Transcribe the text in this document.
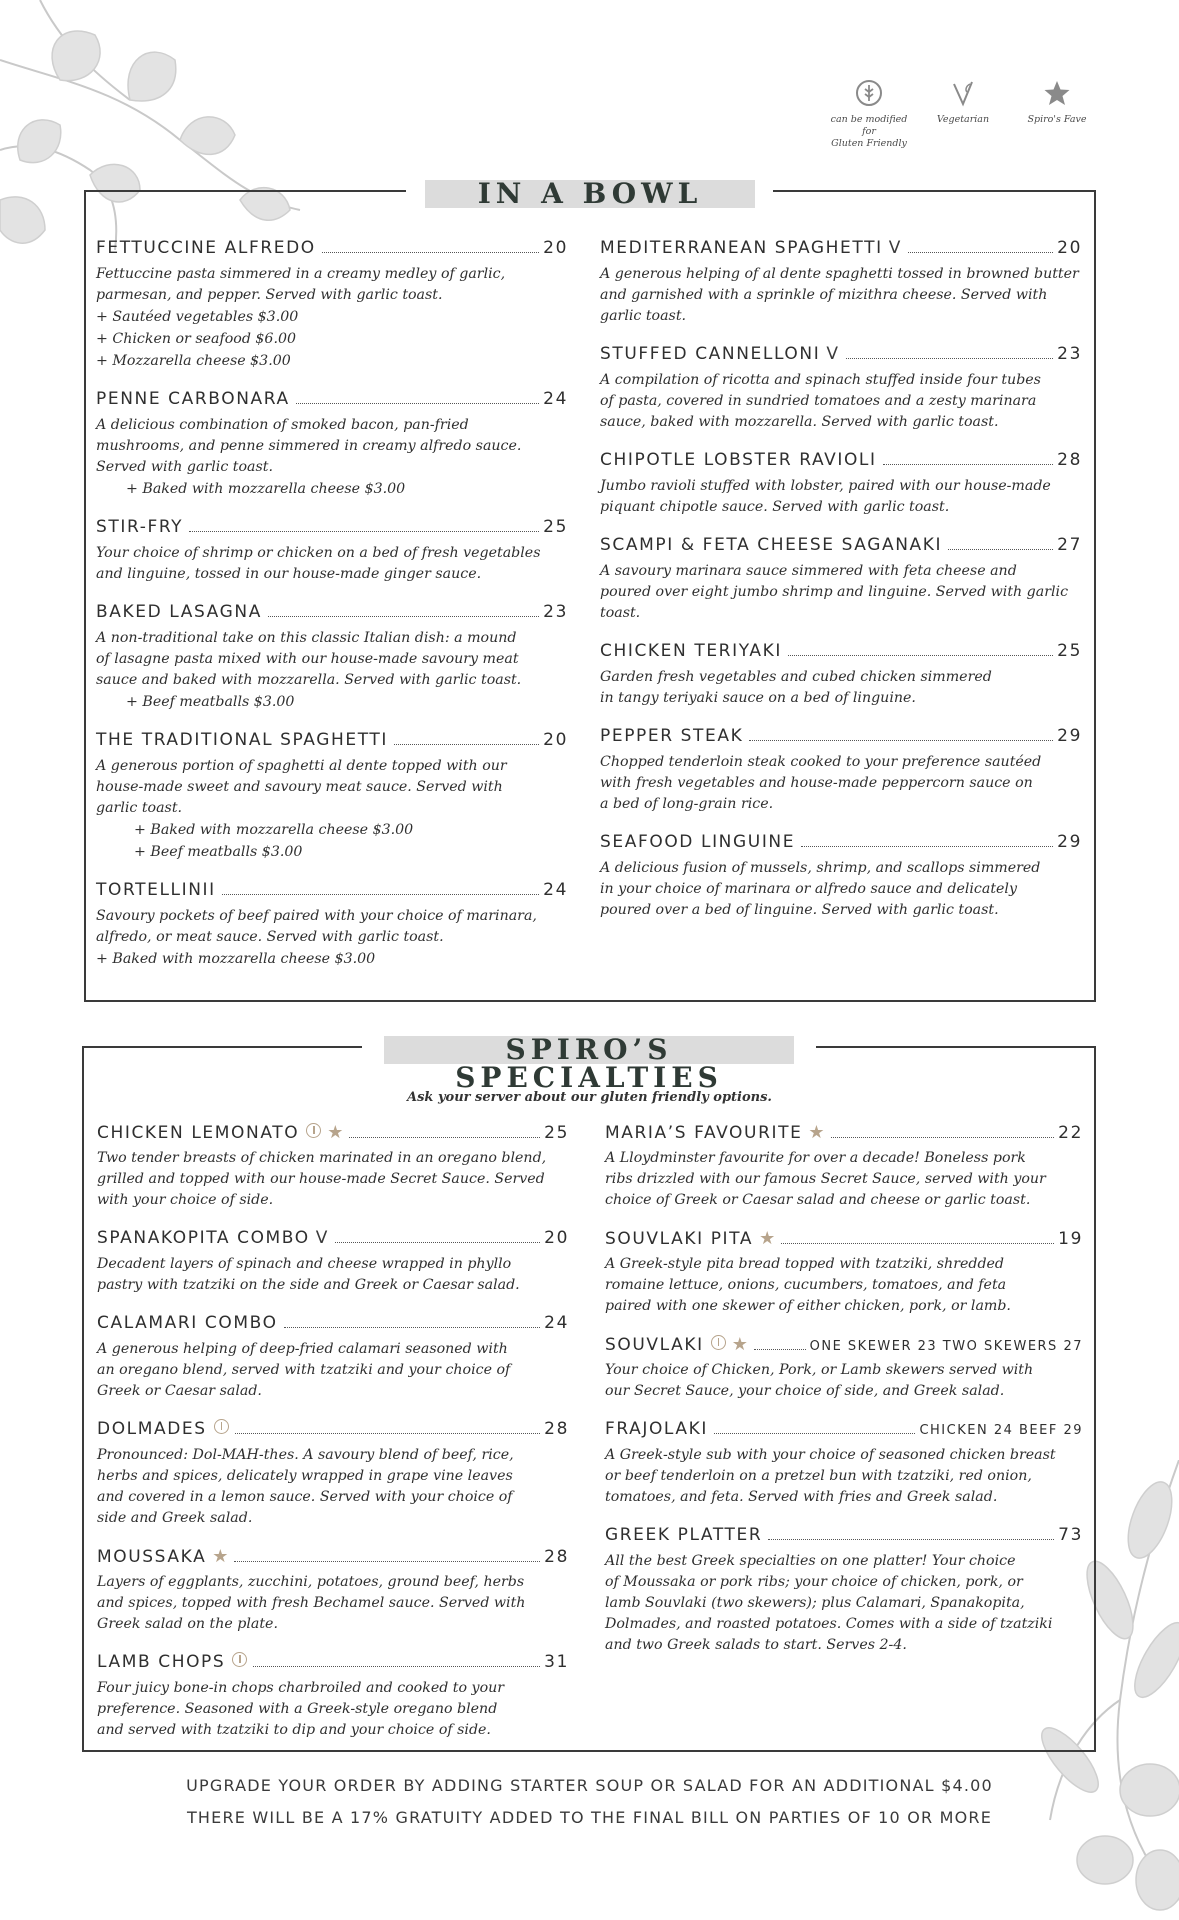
can be modified for
Gluten Friendly
Vegetarian	Spiro's Fave
IN A BOWL
FETTUCCINE ALFREDO	20
Fettuccine pasta simmered in a creamy medley of garlic,
parmesan, and pepper. Served with garlic toast.
+ Sautéed vegetables $3.00
+ Chicken or seafood $6.00
+ Mozzarella cheese $3.00
PENNE CARBONARA	24
A delicious combination of smoked bacon, pan-fried
mushrooms, and penne simmered in creamy alfredo sauce.
Served with garlic toast.
+ Baked with mozzarella cheese $3.00
STIR-FRY	25
Your choice of shrimp or chicken on a bed of fresh vegetables
and linguine, tossed in our house-made ginger sauce.
BAKED LASAGNA	23
A non-traditional take on this classic Italian dish: a mound
of lasagne pasta mixed with our house-made savoury meat
sauce and baked with mozzarella. Served with garlic toast.
+ Beef meatballs $3.00
THE TRADITIONAL SPAGHETTI	20
A generous portion of spaghetti al dente topped with our
house-made sweet and savoury meat sauce. Served with
garlic toast.
+ Baked with mozzarella cheese $3.00
+ Beef meatballs $3.00
TORTELLINII	24
Savoury pockets of beef paired with your choice of marinara,
alfredo, or meat sauce. Served with garlic toast.
+ Baked with mozzarella cheese $3.00
MEDITERRANEAN SPAGHETTI V	20
A generous helping of al dente spaghetti tossed in browned butter
and garnished with a sprinkle of mizithra cheese. Served with
garlic toast.
STUFFED CANNELLONI V	23
A compilation of ricotta and spinach stuffed inside four tubes
of pasta, covered in sundried tomatoes and a zesty marinara
sauce, baked with mozzarella. Served with garlic toast.
CHIPOTLE LOBSTER RAVIOLI	28
Jumbo ravioli stuffed with lobster, paired with our house-made
piquant chipotle sauce. Served with garlic toast.
SCAMPI & FETA CHEESE SAGANAKI	27
A savoury marinara sauce simmered with feta cheese and
poured over eight jumbo shrimp and linguine. Served with garlic
toast.
CHICKEN TERIYAKI	25
Garden fresh vegetables and cubed chicken simmered
in tangy teriyaki sauce on a bed of linguine.
PEPPER STEAK	29
Chopped tenderloin steak cooked to your preference sautéed
with fresh vegetables and house-made peppercorn sauce on
a bed of long-grain rice.
SEAFOOD LINGUINE	29
A delicious fusion of mussels, shrimp, and scallops simmered
in your choice of marinara or alfredo sauce and delicately
poured over a bed of linguine. Served with garlic toast.
SPIRO’S SPECIALTIES
Ask your server about our gluten friendly options.
CHICKEN LEMONATO ★	25
Two tender breasts of chicken marinated in an oregano blend,
grilled and topped with our house-made Secret Sauce. Served
with your choice of side.
SPANAKOPITA COMBO V	20
Decadent layers of spinach and cheese wrapped in phyllo
pastry with tzatziki on the side and Greek or Caesar salad.
CALAMARI COMBO	24
A generous helping of deep-fried calamari seasoned with
an oregano blend, served with tzatziki and your choice of
Greek or Caesar salad.
DOLMADES	28
Pronounced: Dol-MAH-thes. A savoury blend of beef, rice,
herbs and spices, delicately wrapped in grape vine leaves
and covered in a lemon sauce. Served with your choice of
side and Greek salad.
MOUSSAKA ★	28
Layers of eggplants, zucchini, potatoes, ground beef, herbs
and spices, topped with fresh Bechamel sauce. Served with
Greek salad on the plate.
LAMB CHOPS	31
Four juicy bone-in chops charbroiled and cooked to your
preference. Seasoned with a Greek-style oregano blend
and served with tzatziki to dip and your choice of side.
MARIA’S FAVOURITE ★	22
A Lloydminster favourite for over a decade! Boneless pork
ribs drizzled with our famous Secret Sauce, served with your
choice of Greek or Caesar salad and cheese or garlic toast.
SOUVLAKI PITA ★	19
A Greek-style pita bread topped with tzatziki, shredded
romaine lettuce, onions, cucumbers, tomatoes, and feta
paired with one skewer of either chicken, pork, or lamb.
SOUVLAKI ★	ONE SKEWER 23 TWO SKEWERS 27
Your choice of Chicken, Pork, or Lamb skewers served with
our Secret Sauce, your choice of side, and Greek salad.
FRAJOLAKI	CHICKEN 24 BEEF 29
A Greek-style sub with your choice of seasoned chicken breast
or beef tenderloin on a pretzel bun with tzatziki, red onion,
tomatoes, and feta. Served with fries and Greek salad.
GREEK PLATTER	73
All the best Greek specialties on one platter! Your choice
of Moussaka or pork ribs; your choice of chicken, pork, or
lamb Souvlaki (two skewers); plus Calamari, Spanakopita,
Dolmades, and roasted potatoes. Comes with a side of tzatziki
and two Greek salads to start. Serves 2-4.
UPGRADE YOUR ORDER BY ADDING STARTER SOUP OR SALAD FOR AN ADDITIONAL $4.00
THERE WILL BE A 17% GRATUITY ADDED TO THE FINAL BILL ON PARTIES OF 10 OR MORE
